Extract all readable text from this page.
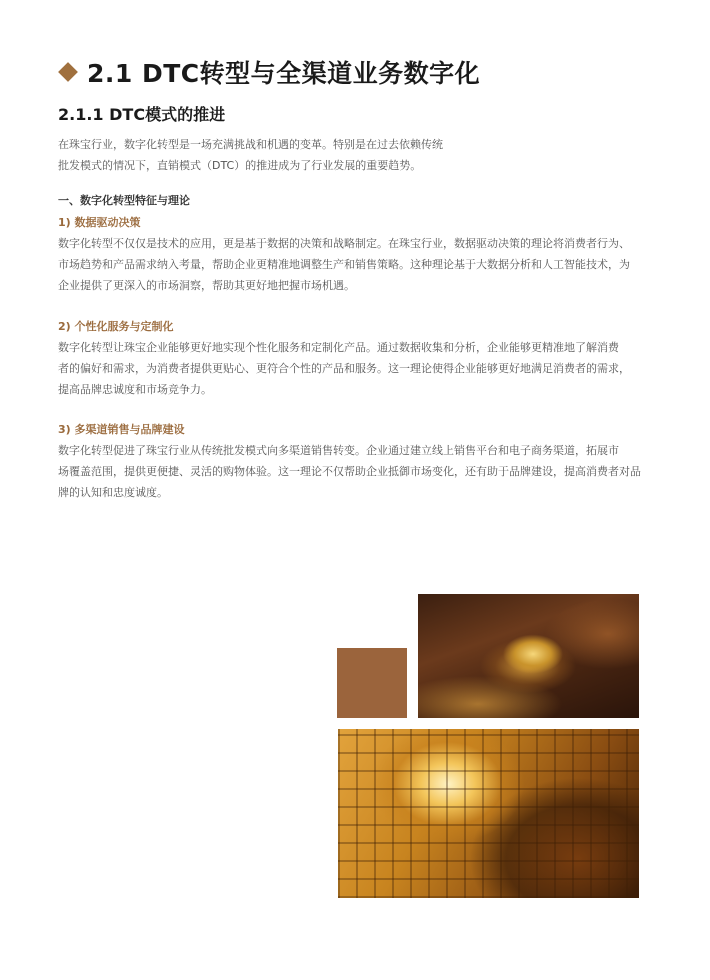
2.1 DTC转型与全渠道业务数字化
2.1.1 DTC模式的推进
在珠宝行业，数字化转型是一场充满挑战和机遇的变革。特别是在过去依赖传统
批发模式的情况下，直销模式（DTC）的推进成为了行业发展的重要趋势。
一、数字化转型特征与理论
1) 数据驱动决策
数字化转型不仅仅是技术的应用，更是基于数据的决策和战略制定。在珠宝行业，数据驱动决策的理论将消费者行为、
市场趋势和产品需求纳入考量，帮助企业更精准地调整生产和销售策略。这种理论基于大数据分析和人工智能技术，为
企业提供了更深入的市场洞察，帮助其更好地把握市场机遇。
2) 个性化服务与定制化
数字化转型让珠宝企业能够更好地实现个性化服务和定制化产品。通过数据收集和分析，企业能够更精准地了解消费
者的偏好和需求，为消费者提供更贴心、更符合个性的产品和服务。这一理论使得企业能够更好地满足消费者的需求，
提高品牌忠诚度和市场竞争力。
3) 多渠道销售与品牌建设
数字化转型促进了珠宝行业从传统批发模式向多渠道销售转变。企业通过建立线上销售平台和电子商务渠道，拓展市
场覆盖范围，提供更便捷、灵活的购物体验。这一理论不仅帮助企业抵御市场变化，还有助于品牌建设，提高消费者对品
牌的认知和忠度诚度。
